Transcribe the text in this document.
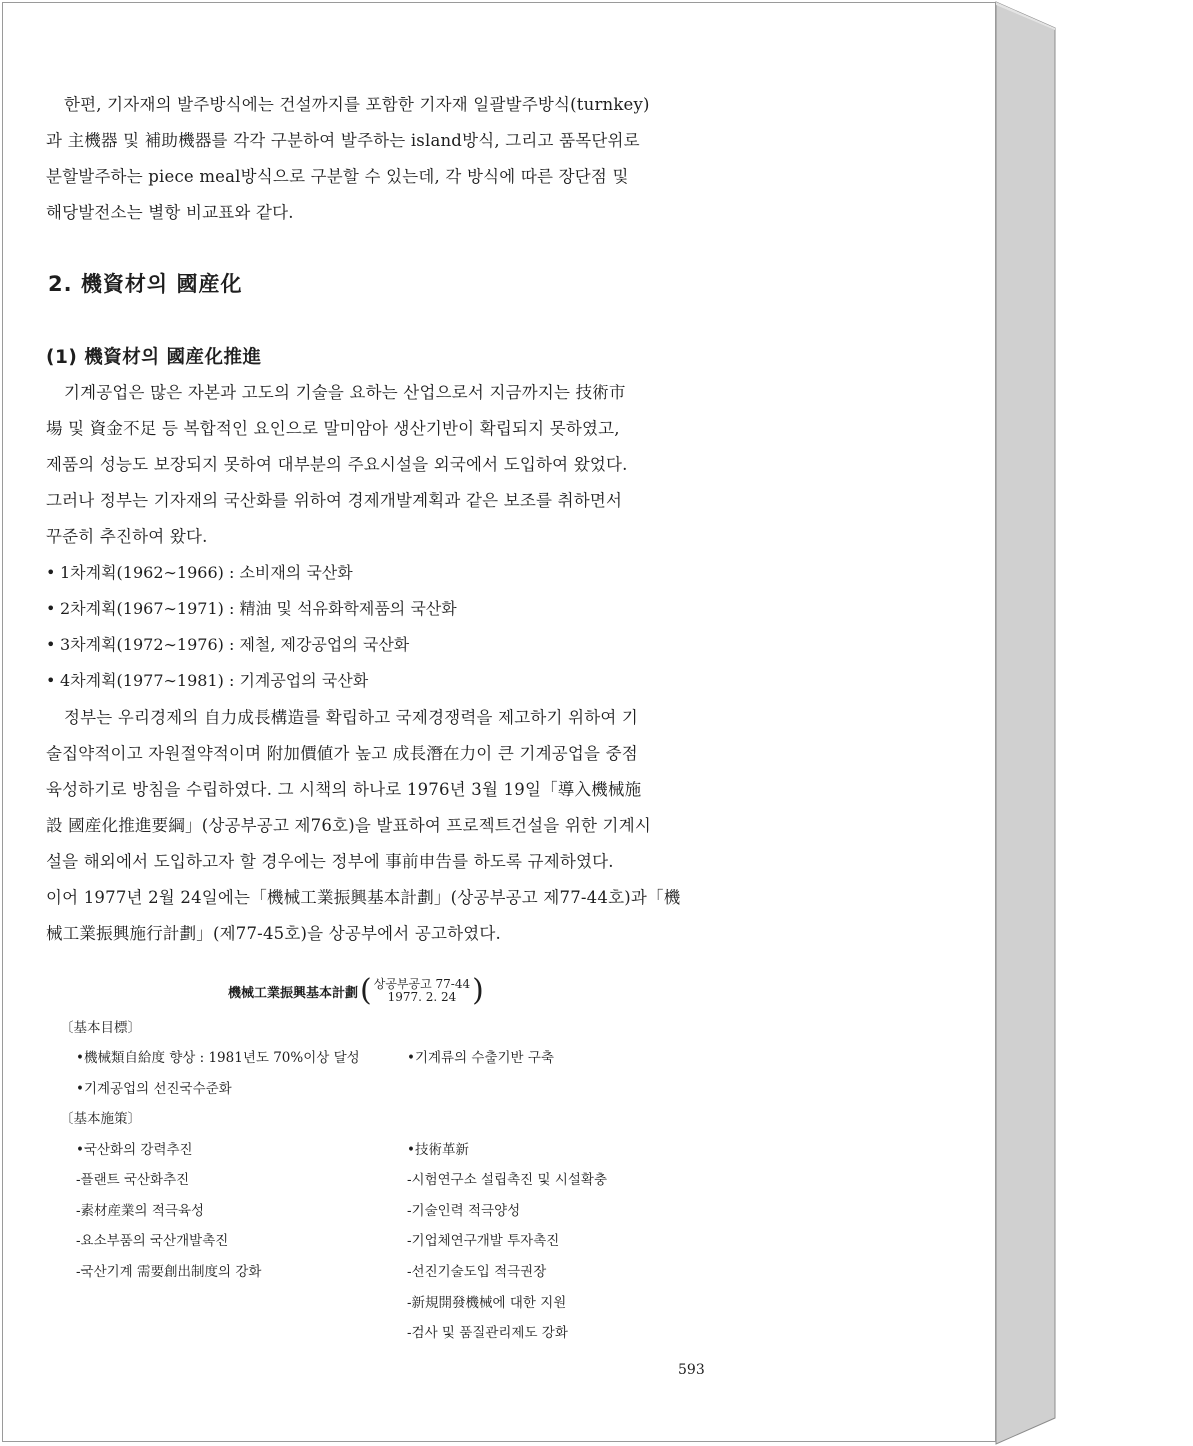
한편, 기자재의 발주방식에는 건설까지를 포함한 기자재 일괄발주방식(turnkey)

과 主機器 및 補助機器를 각각 구분하여 발주하는 island방식, 그리고 품목단위로

분할발주하는 piece meal방식으로 구분할 수 있는데, 각 방식에 따른 장단점 및

해당발전소는 별항 비교표와 같다.

2. 機資材의 國産化
(1) 機資材의 國産化推進

기계공업은 많은 자본과 고도의 기술을 요하는 산업으로서 지금까지는 技術市

場 및 資金不足 등 복합적인 요인으로 말미암아 생산기반이 확립되지 못하였고,

제품의 성능도 보장되지 못하여 대부분의 주요시설을 외국에서 도입하여 왔었다.

그러나 정부는 기자재의 국산화를 위하여 경제개발계획과 같은 보조를 취하면서

꾸준히 추진하여 왔다.

• 1차계획(1962∼1966) : 소비재의 국산화
• 2차계획(1967∼1971) : 精油 및 석유화학제품의 국산화
• 3차계획(1972∼1976) : 제철, 제강공업의 국산화
• 4차계획(1977∼1981) : 기계공업의 국산화

정부는 우리경제의 自力成長構造를 확립하고 국제경쟁력을 제고하기 위하여 기

술집약적이고 자원절약적이며 附加價値가 높고 成長潛在力이 큰 기계공업을 중점

육성하기로 방침을 수립하였다. 그 시책의 하나로 1976년 3월 19일「導入機械施

設 國産化推進要綱」(상공부공고 제76호)을 발표하여 프로젝트건설을 위한 기계시

설을 해외에서 도입하고자 할 경우에는 정부에 事前申告를 하도록 규제하였다.

이어 1977년 2월 24일에는「機械工業振興基本計劃」(상공부공고 제77-44호)과「機

械工業振興施行計劃」(제77-45호)을 상공부에서 공고하였다.

機械工業振興基本計劃 ( 상공부공고 77-44
1977. 2. 24 )
〔基本目標〕
•機械類自給度 향상 : 1981년도 70%이상 달성	•기계류의 수출기반 구축
•기계공업의 선진국수준화
〔基本施策〕
•국산화의 강력추진
-플랜트 국산화추진
-素材産業의 적극육성
-요소부품의 국산개발촉진
-국산기계 需要創出制度의 강화
•技術革新
-시험연구소 설립촉진 및 시설확충
-기술인력 적극양성
-기업체연구개발 투자촉진
-선진기술도입 적극권장
-新規開發機械에 대한 지원
-검사 및 품질관리제도 강화
593
